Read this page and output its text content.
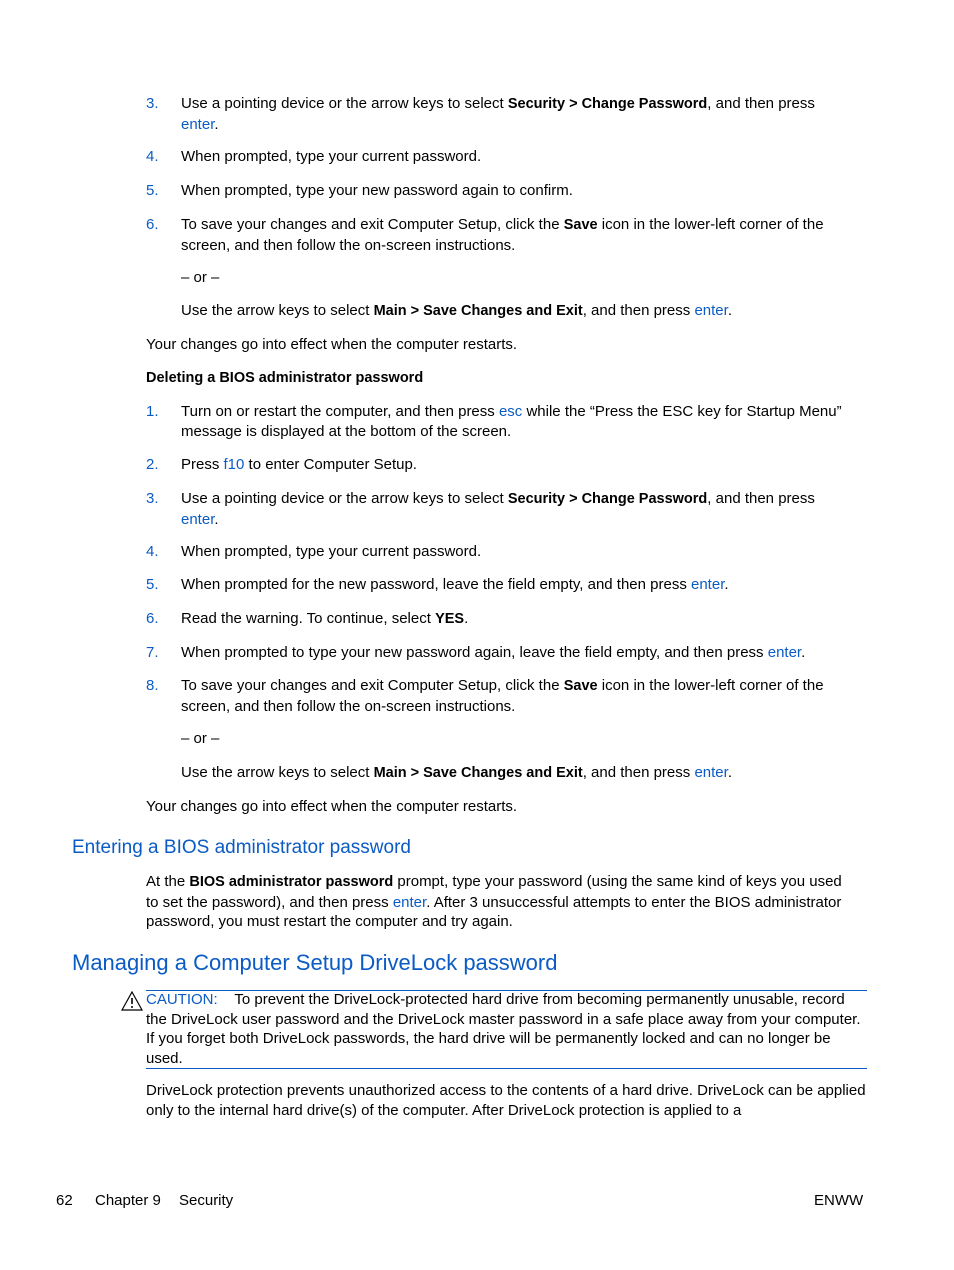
3. Use a pointing device or the arrow keys to select Security > Change Password, and then press
enter.
4. When prompted, type your current password.
5. When prompted, type your new password again to confirm.
6. To save your changes and exit Computer Setup, click the Save icon in the lower-left corner of the screen, and then follow the on-screen instructions.
– or –
Use the arrow keys to select Main > Save Changes and Exit, and then press enter.
Your changes go into effect when the computer restarts.
Deleting a BIOS administrator password
1. Turn on or restart the computer, and then press esc while the “Press the ESC key for Startup Menu” message is displayed at the bottom of the screen.
2. Press f10 to enter Computer Setup.
3. Use a pointing device or the arrow keys to select Security > Change Password, and then press
enter.
4. When prompted, type your current password.
5. When prompted for the new password, leave the field empty, and then press enter.
6. Read the warning. To continue, select YES.
7. When prompted to type your new password again, leave the field empty, and then press enter.
8. To save your changes and exit Computer Setup, click the Save icon in the lower-left corner of the screen, and then follow the on-screen instructions.
– or –
Use the arrow keys to select Main > Save Changes and Exit, and then press enter.
Your changes go into effect when the computer restarts.
Entering a BIOS administrator password
At the BIOS administrator password prompt, type your password (using the same kind of keys you used to set the password), and then press enter. After 3 unsuccessful attempts to enter the BIOS administrator password, you must restart the computer and try again.
Managing a Computer Setup DriveLock password
CAUTION: To prevent the DriveLock-protected hard drive from becoming permanently unusable, record the DriveLock user password and the DriveLock master password in a safe place away from your computer. If you forget both DriveLock passwords, the hard drive will be permanently locked and can no longer be used.
DriveLock protection prevents unauthorized access to the contents of a hard drive. DriveLock can be applied only to the internal hard drive(s) of the computer. After DriveLock protection is applied to a
62 Chapter 9 Security	ENWW
